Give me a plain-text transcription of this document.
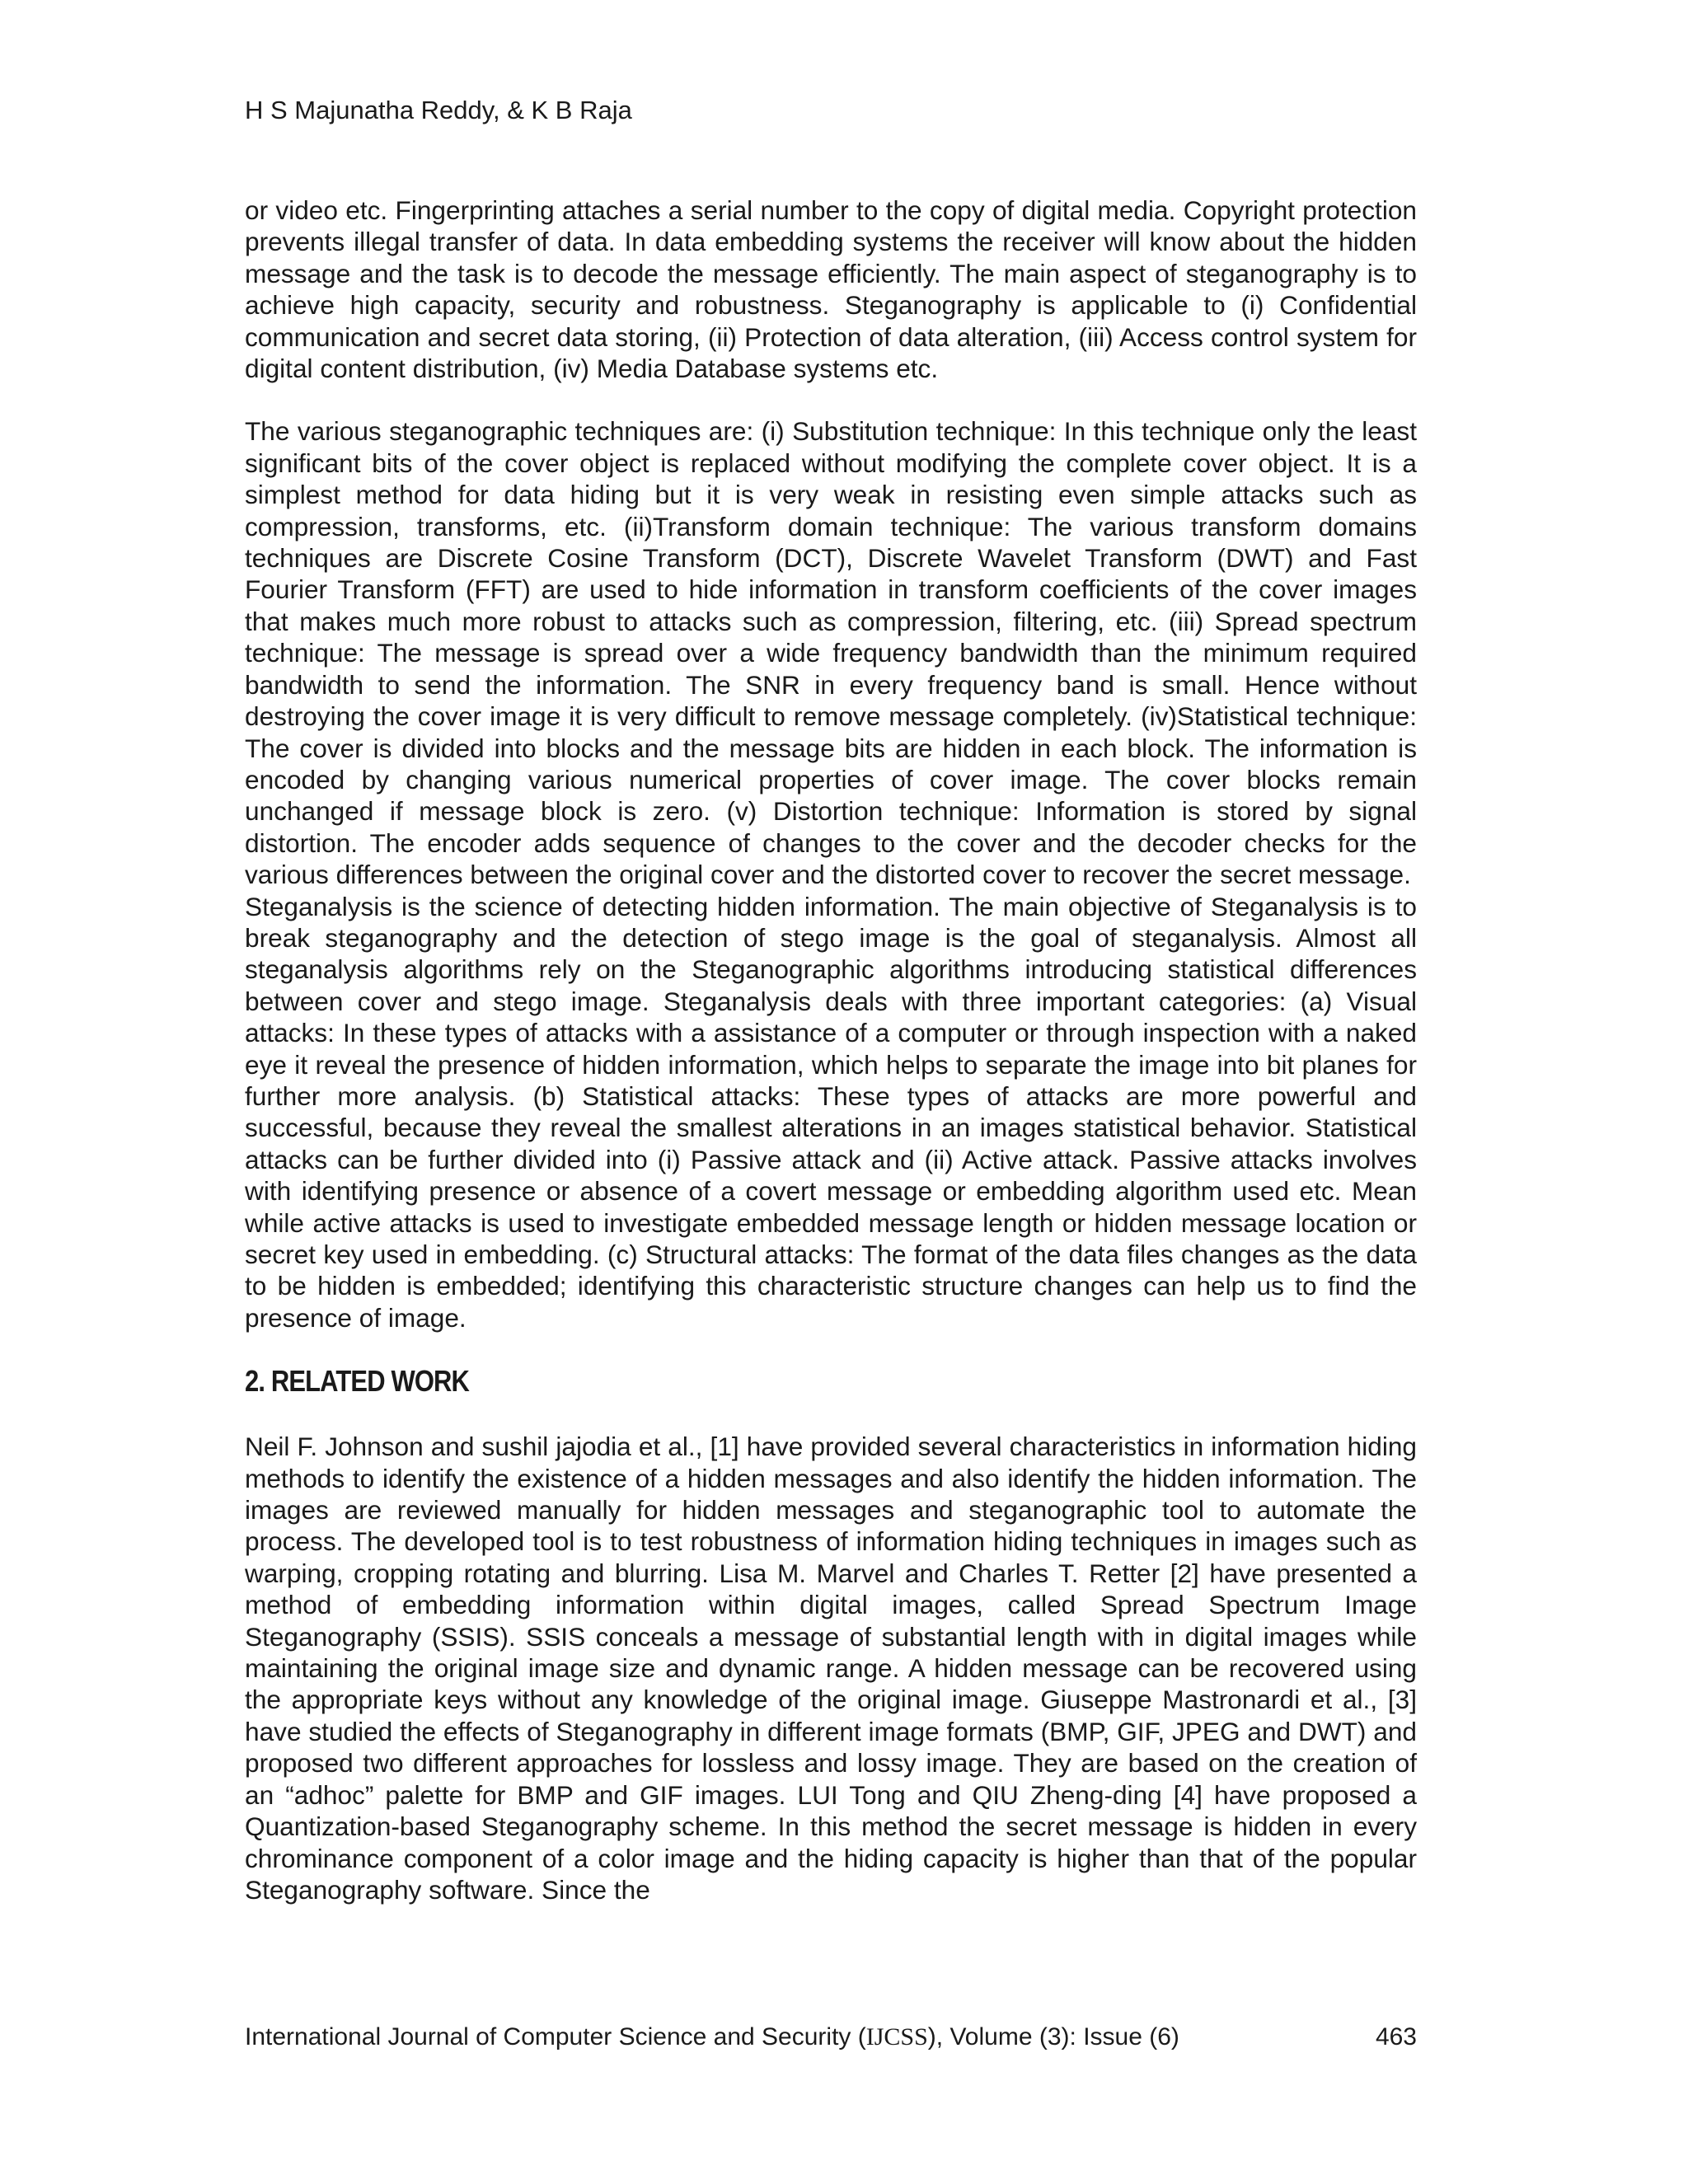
H S Majunatha Reddy, & K B Raja

or video etc. Fingerprinting attaches a serial number to the copy of digital media. Copyright protection prevents illegal transfer of data. In data embedding systems the receiver will know about the hidden message and the task is to decode the message efficiently. The main aspect of steganography is to achieve high capacity, security and robustness. Steganography is applicable to (i) Confidential communication and secret data storing, (ii) Protection of data alteration, (iii) Access control system for digital content distribution, (iv) Media Database systems etc.

The various steganographic techniques are: (i) Substitution technique: In this technique only the least significant bits of the cover object is replaced without modifying the complete cover object. It is a simplest method for data hiding but it is very weak in resisting even simple attacks such as compression, transforms, etc. (ii)Transform domain technique: The various transform domains techniques are Discrete Cosine Transform (DCT), Discrete Wavelet Transform (DWT) and Fast Fourier Transform (FFT) are used to hide information in transform coefficients of the cover images that makes much more robust to attacks such as compression, filtering, etc. (iii) Spread spectrum technique: The message is spread over a wide frequency bandwidth than the minimum required bandwidth to send the information. The SNR in every frequency band is small. Hence without destroying the cover image it is very difficult to remove message completely. (iv)Statistical technique: The cover is divided into blocks and the message bits are hidden in each block. The information is encoded by changing various numerical properties of cover image. The cover blocks remain unchanged if message block is zero. (v) Distortion technique: Information is stored by signal distortion. The encoder adds sequence of changes to the cover and the decoder checks for the various differences between the original cover and the distorted cover to recover the secret message.

Steganalysis is the science of detecting hidden information. The main objective of Steganalysis is to break steganography and the detection of stego image is the goal of steganalysis. Almost all steganalysis algorithms rely on the Steganographic algorithms introducing statistical differences between cover and stego image. Steganalysis deals with three important categories: (a) Visual attacks: In these types of attacks with a assistance of a computer or through inspection with a naked eye it reveal the presence of hidden information, which helps to separate the image into bit planes for further more analysis. (b) Statistical attacks: These types of attacks are more powerful and successful, because they reveal the smallest alterations in an images statistical behavior. Statistical attacks can be further divided into (i) Passive attack and (ii) Active attack. Passive attacks involves with identifying presence or absence of a covert message or embedding algorithm used etc. Mean while active attacks is used to investigate embedded message length or hidden message location or secret key used in embedding. (c) Structural attacks: The format of the data files changes as the data to be hidden is embedded; identifying this characteristic structure changes can help us to find the presence of image.

2. RELATED WORK

Neil F. Johnson and sushil jajodia et al., [1] have provided several characteristics in information hiding methods to identify the existence of a hidden messages and also identify the hidden information. The images are reviewed manually for hidden messages and steganographic tool to automate the process. The developed tool is to test robustness of information hiding techniques in images such as warping, cropping rotating and blurring. Lisa M. Marvel and Charles T. Retter [2] have presented a method of embedding information within digital images, called Spread Spectrum Image Steganography (SSIS). SSIS conceals a message of substantial length with in digital images while maintaining the original image size and dynamic range. A hidden message can be recovered using the appropriate keys without any knowledge of the original image. Giuseppe Mastronardi et al., [3] have studied the effects of Steganography in different image formats (BMP, GIF, JPEG and DWT) and proposed two different approaches for lossless and lossy image. They are based on the creation of an “adhoc” palette for BMP and GIF images. LUI Tong and QIU Zheng-ding [4] have proposed a Quantization-based Steganography scheme. In this method the secret message is hidden in every chrominance component of a color image and the hiding capacity is higher than that of the popular Steganography software. Since the

International Journal of Computer Science and Security (IJCSS), Volume (3): Issue (6)	463
